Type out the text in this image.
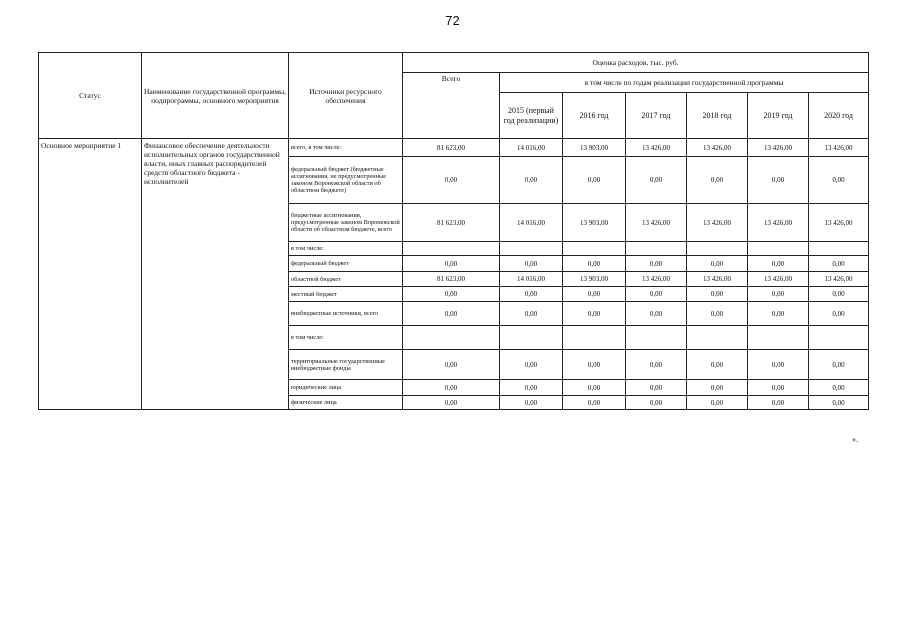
72
Статус	Наименование государственной программы, подпрограммы, основного мероприятия	Источники ресурсного обеспечения	Оценка расходов, тыс. руб.						
			Всего	в том числе по годам реализации государственной программы					
				2015 (первый год реализации)	2016 год	2017 год	2018 год	2019 год	2020 год
Основное мероприятие 1	Финансовое обеспечение деятельности исполнительных органов государственной власти, иных главных распорядителей средств областного бюджета - исполнителей	всего, в том числе:	81 623,00	14 016,00	13 903,00	13 426,00	13 426,00	13 426,00	13 426,00
		федеральный бюджет (бюджетные ассигнования, не предусмотренные законом Воронежской области об областном бюджете)	0,00	0,00	0,00	0,00	0,00	0,00	0,00
		бюджетные ассигнования, предусмотренные законом Воронежской области об областном бюджете, всего	81 623,00	14 016,00	13 903,00	13 426,00	13 426,00	13 426,00	13 426,00
		в том числе:							
		федеральный бюджет	0,00	0,00	0,00	0,00	0,00	0,00	0,00
		областной бюджет	81 623,00	14 016,00	13 903,00	13 426,00	13 426,00	13 426,00	13 426,00
		местный бюджет	0,00	0,00	0,00	0,00	0,00	0,00	0,00
		внебюджетные источники, всего	0,00	0,00	0,00	0,00	0,00	0,00	0,00
		в том числе:							
		территориальные государственные внебюджетные фонды	0,00	0,00	0,00	0,00	0,00	0,00	0,00
		юридические лица	0,00	0,00	0,00	0,00	0,00	0,00	0,00
		физические лица	0,00	0,00	0,00	0,00	0,00	0,00	0,00
».
